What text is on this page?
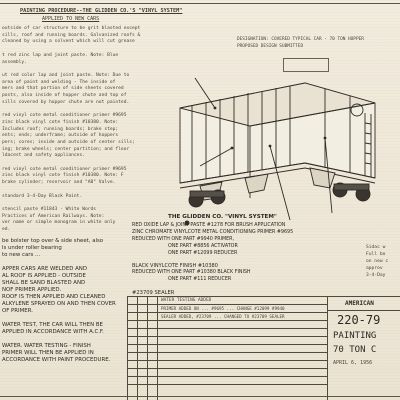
PAINTING PROCEDURE--THE GLIDDEN CO.'S "VINYL SYSTEM"
APPLIED TO NEW CARS
outside of car structure to be grit blasted except
sills, roof and running boards. Galvanized roofs &
cleaned by using a solvent which will cut grease
t red zinc lap and joint paste. Note: Blue
assembly.
ut red color lap and joint paste. Note: Due to
area of paint and welding - The inside of
mers and that portion of side sheets covered
posts, also inside of hopper chute and top of
sills covered by hopper chute are not painted.
red vinyl cote metal conditioner primer #9695
zinc black vinyl cote finish #10380. Note:
Includes roof; running boards; brake step;
ents; ends; underframe; outside of hoppers
pers; cores; inside and outside of center sills;
ing; brake wheels; center partition; and floor
ldacest and safety appliances.
red vinyl cote metal conditioner primer #9695
zinc black vinyl cote finish #10380. Note: F
brake cylinder; reservoir and "AB" Valve.
standard 3-4-Day Black Paint.
stencil paste #11843 - White Words
Practices of American Railways. Note:
ver name or simple monogram in white only
ed.
be bolster top over & side sheet, also
ls under roller bearing
to new cars ...
APPER CARS ARE WELDED AND
AL ROOF IS APPLIED - OUTSIDE
SHALL BE SAND BLASTED AND
NOF PRIMER APPLIED.
ROOF IS THEN APPLIED AND CLEANED
ALKYLENE SPRAYED ON AND THEN COVER
OF PRIMER.
WATER TEST, THE CAR WILL THEN BE
APPLIED IN ACCORDANCE WITH A.C.F.
WATER. WATER TESTING - FINISH
PRIMER WILL THEN BE APPLIED IN
ACCORDANCE WITH PAINT PROCEDURE.
DESIGNATION: COVERED TYPICAL CAR - 70 TON HOPPER
PROPOSED DESIGN SUBMITTED
THE GLIDDEN CO. "VINYL SYSTEM"
RED OXIDE LAP & JOINT PASTE #1278 FOR BRUSH APPLICATION
ZINC CHROMATE VINYLCOTE METAL CONDITIONING PRIMER #9695
REDUCED WITH ONE PART #9940 PRIMER,
ONE PART #8856 ACTIVATOR
ONE PART #12099 REDUCER
BLACK VINYLCOTE FINISH #10380
REDUCED WITH ONE PART #10380 BLACK FINISH
ONE PART #111 REDUCER
#23709 SEALER
Sidac w
Full bo
on new c
approv
3-4-Day
WATER TESTING ADDED
PRIMER ADDED ON ... #9695 ... CHANGE #12099 #9940
SEALER ADDED, #23709 ... CHANGED TO #23709 SEALER
AMERICAN
220-79
PAINTING
70 TON C
APRIL 6, 1956
